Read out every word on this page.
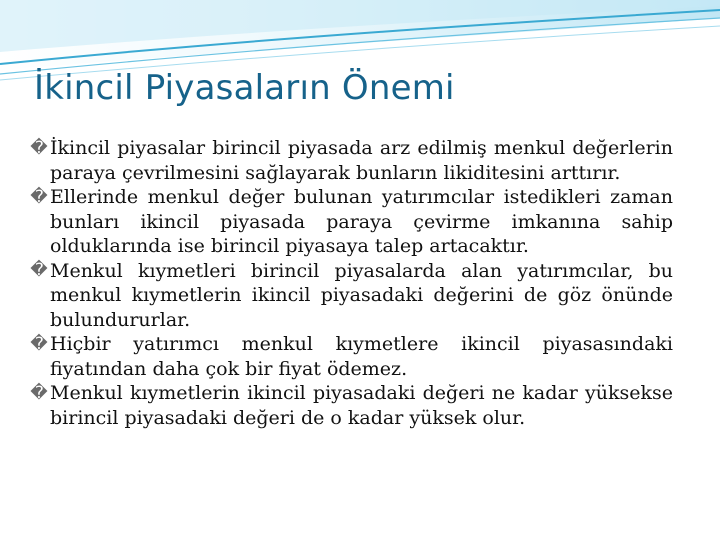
İkincil Piyasaların Önemi
� İkincil piyasalar birincil piyasada arz edilmiş menkul değerlerin paraya çevrilmesini sağlayarak bunların likiditesini arttırır.
� Ellerinde menkul değer bulunan yatırımcılar istedikleri zaman bunları ikincil piyasada paraya çevirme imkanına sahip olduklarında ise birincil piyasaya talep artacaktır.
� Menkul kıymetleri birincil piyasalarda alan yatırımcılar, bu menkul kıymetlerin ikincil piyasadaki değerini de göz önünde bulundururlar.
� Hiçbir yatırımcı menkul kıymetlere ikincil piyasasındaki fiyatından daha çok bir fiyat ödemez.
� Menkul kıymetlerin ikincil piyasadaki değeri ne kadar yüksekse birincil piyasadaki değeri de o kadar yüksek olur.
